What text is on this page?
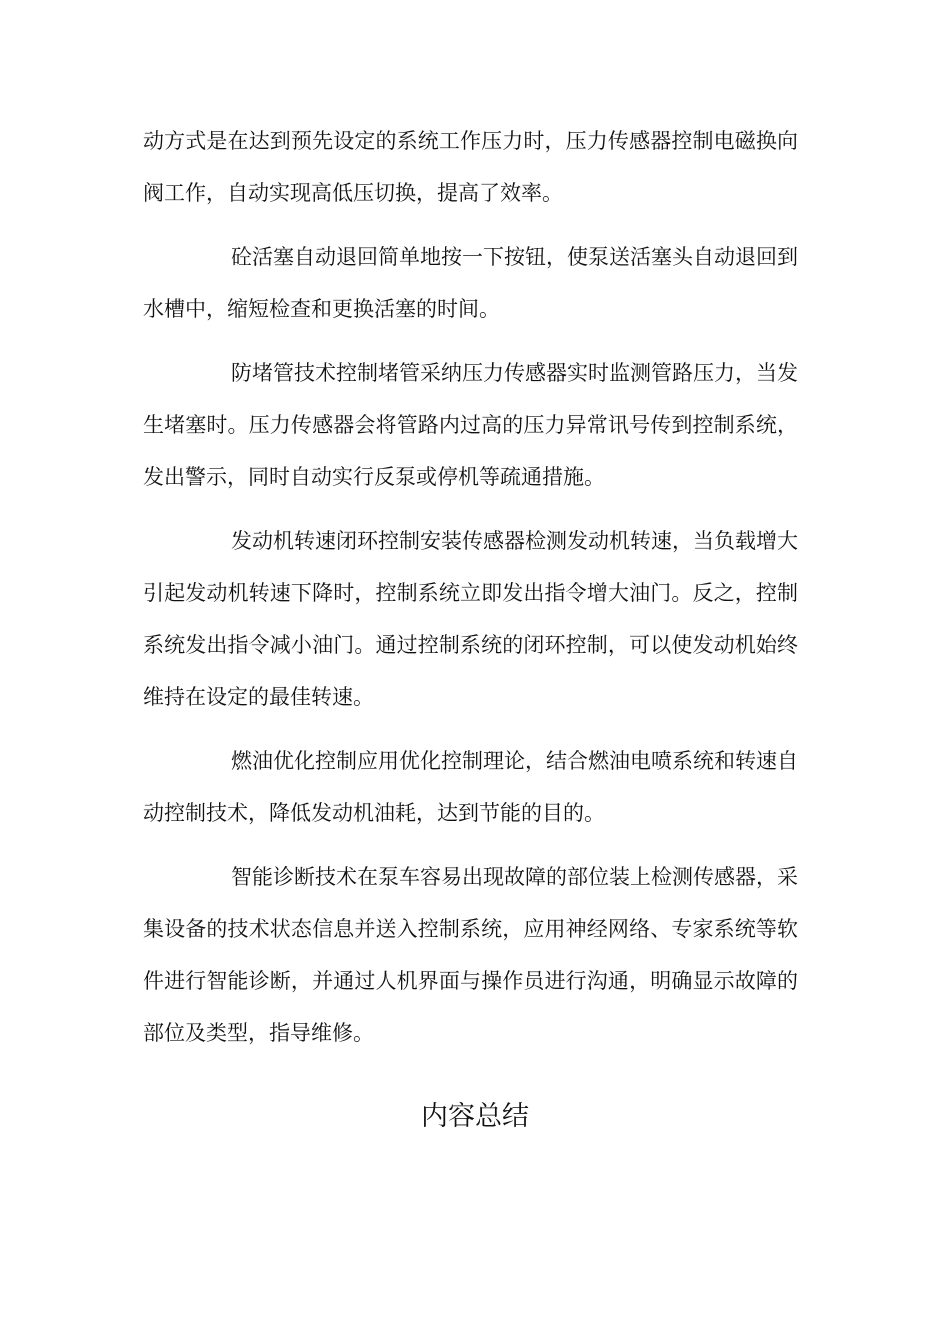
动方式是在达到预先设定的系统工作压力时，压力传感器控制电磁换向阀工作，自动实现高低压切换，提高了效率。

砼活塞自动退回简单地按一下按钮，使泵送活塞头自动退回到水槽中，缩短检查和更换活塞的时间。

防堵管技术控制堵管采纳压力传感器实时监测管路压力，当发生堵塞时。压力传感器会将管路内过高的压力异常讯号传到控制系统，发出警示，同时自动实行反泵或停机等疏通措施。

发动机转速闭环控制安装传感器检测发动机转速，当负载增大引起发动机转速下降时，控制系统立即发出指令增大油门。反之，控制系统发出指令减小油门。通过控制系统的闭环控制，可以使发动机始终维持在设定的最佳转速。

燃油优化控制应用优化控制理论，结合燃油电喷系统和转速自动控制技术，降低发动机油耗，达到节能的目的。

智能诊断技术在泵车容易出现故障的部位装上检测传感器，采集设备的技术状态信息并送入控制系统，应用神经网络、专家系统等软件进行智能诊断，并通过人机界面与操作员进行沟通，明确显示故障的部位及类型，指导维修。

内容总结
